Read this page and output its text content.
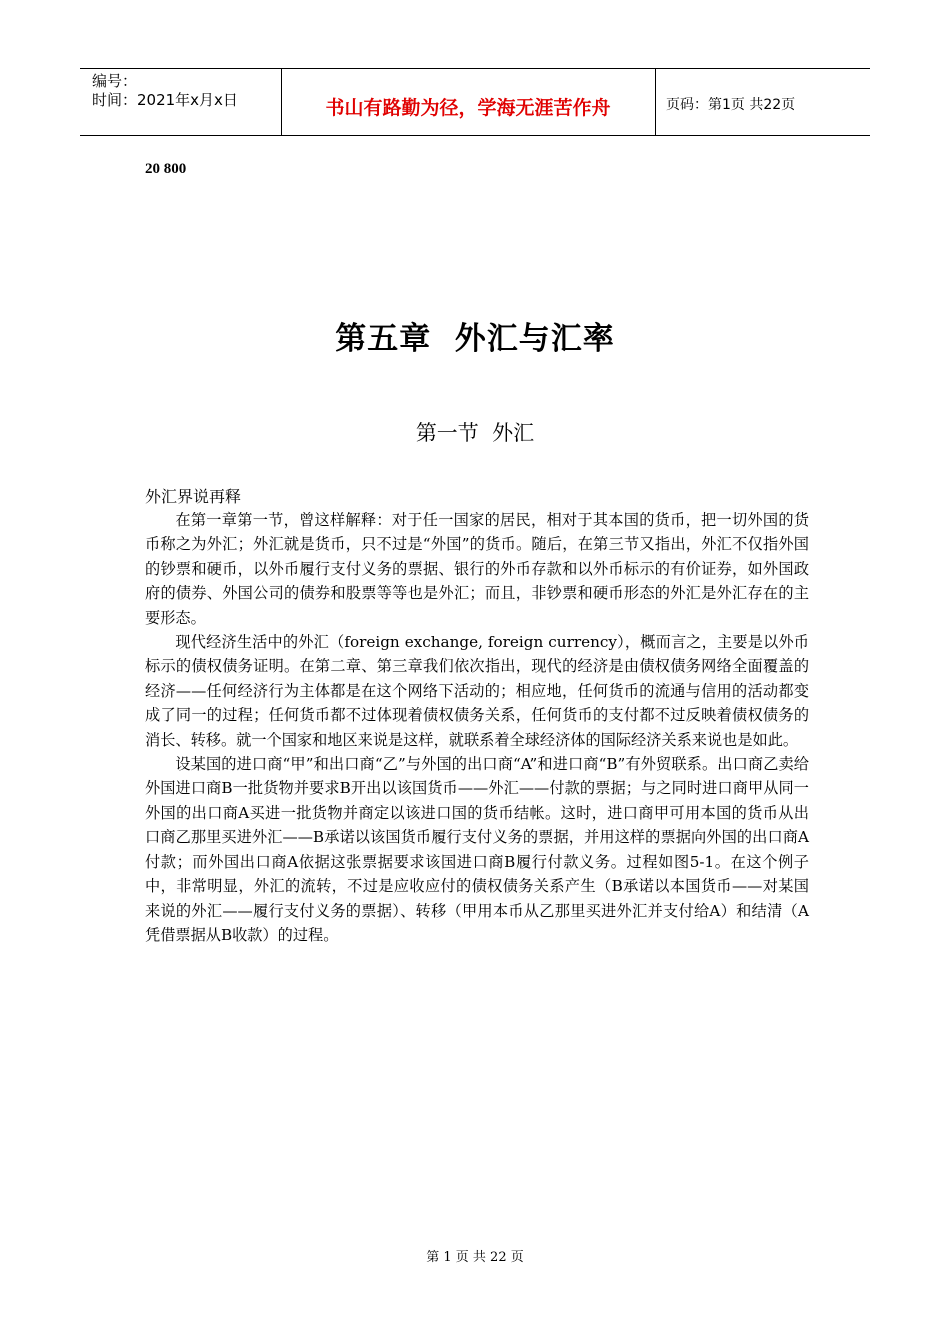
编号：
时间：2021年x月x日	书山有路勤为径，学海无涯苦作舟	页码：第1页 共22页
20 800
第五章  外汇与汇率
第一节  外汇
外汇界说再释

在第一章第一节，曾这样解释：对于任一国家的居民，相对于其本国的货币，把一切外国的货币称之为外汇；外汇就是货币，只不过是“外国”的货币。随后，在第三节又指出，外汇不仅指外国的钞票和硬币，以外币履行支付义务的票据、银行的外币存款和以外币标示的有价证券，如外国政府的债券、外国公司的债券和股票等等也是外汇；而且，非钞票和硬币形态的外汇是外汇存在的主要形态。

现代经济生活中的外汇（foreign exchange, foreign currency），概而言之，主要是以外币标示的债权债务证明。在第二章、第三章我们依次指出，现代的经济是由债权债务网络全面覆盖的经济——任何经济行为主体都是在这个网络下活动的；相应地，任何货币的流通与信用的活动都变成了同一的过程；任何货币都不过体现着债权债务关系，任何货币的支付都不过反映着债权债务的消长、转移。就一个国家和地区来说是这样，就联系着全球经济体的国际经济关系来说也是如此。

设某国的进口商“甲”和出口商“乙”与外国的出口商“A”和进口商“B”有外贸联系。出口商乙卖给外国进口商B一批货物并要求B开出以该国货币——外汇——付款的票据；与之同时进口商甲从同一外国的出口商A买进一批货物并商定以该进口国的货币结帐。这时，进口商甲可用本国的货币从出口商乙那里买进外汇——B承诺以该国货币履行支付义务的票据，并用这样的票据向外国的出口商A付款；而外国出口商A依据这张票据要求该国进口商B履行付款义务。过程如图5-1。在这个例子中，非常明显，外汇的流转，不过是应收应付的债权债务关系产生（B承诺以本国货币——对某国来说的外汇——履行支付义务的票据）、转移（甲用本币从乙那里买进外汇并支付给A）和结清（A凭借票据从B收款）的过程。

第 1 页 共 22 页
